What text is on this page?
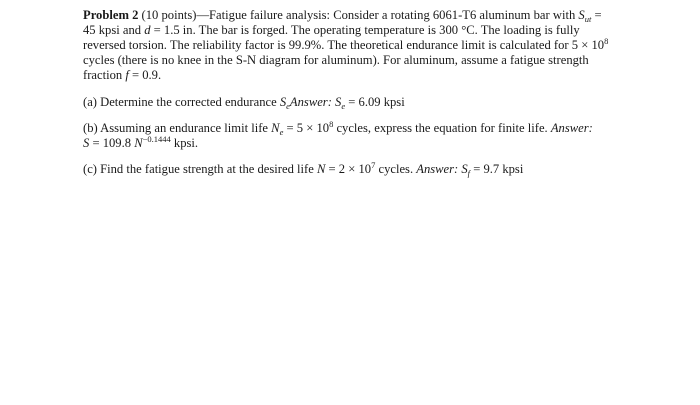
Problem 2 (10 points)—Fatigue failure analysis: Consider a rotating 6061-T6 aluminum bar with $S_{ut} = 45$ kpsi and d = 1.5 in. The bar is forged. The operating temperature is 300 °C. The loading is fully reversed torsion. The reliability factor is 99.9%. The theoretical endurance limit is calculated for $5 \times 10^8$ cycles (there is no knee in the S-N diagram for aluminum). For aluminum, assume a fatigue strength fraction f = 0.9.

(a) Determine the corrected endurance $S_eAnswer$: $S_e = 6.09$ kpsi

(b) Assuming an endurance limit life $N_e = 5 \times 10^8$ cycles, express the equation for finite life. Answer:
S = 109.8 $N^{-0.1444}$ kpsi.

(c) Find the fatigue strength at the desired life $N = 2 \times 10^7$ cycles. Answer: $S_f = 9.7$ kpsi
